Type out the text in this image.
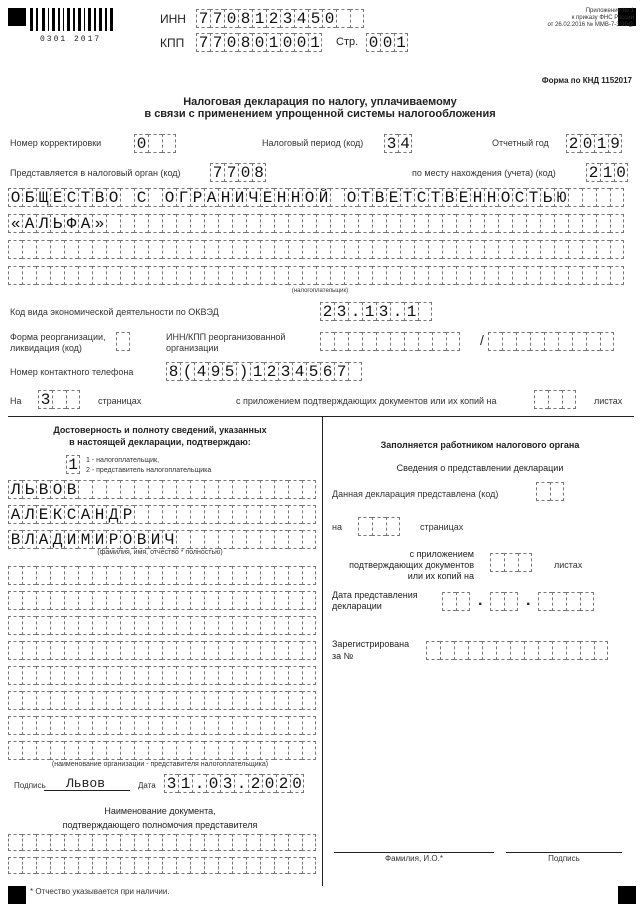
0301 2017
ИНН 7 7 0 8 1 2 3 4 5 0
КПП 7 7 0 8 0 1 0 0 1 Стр. 0 0 1
Приложение № 1
к приказу ФНС России
от 26.02.2016 № ММВ-7-3/99@
Форма по КНД 1152017
Налоговая декларация по налогу, уплачиваемому
в связи с применением упрощенной системы налогообложения
Номер корректировки 0	Налоговый период (код) 3 4	Отчетный год 2 0 1 9
Представляется в налоговый орган (код) 7 7 0 8	по месту нахождения (учета) (код) 2 1 0
О Б Щ Е С Т В О С О Г Р А Н И Ч Е Н Н О Й О Т В Е Т С Т В Е Н Н О С Т Ь Ю
« А Л Ь Ф А »
(налогоплательщик)
Код вида экономической деятельности по ОКВЭД	2 3 . 1 3 . 1
Форма реорганизации,
ликвидация (код)
ИНН/КПП реорганизованной
организации	/
Номер контактного телефона 8 ( 4 9 5 ) 1 2 3 4 5 6 7
На 3	страницах	с приложением подтверждающих документов или их копий на	листах
Достоверность и полноту сведений, указанных
в настоящей декларации, подтверждаю:
1	1 - налогоплательщик,
2 - представитель налогоплательщика
Л Ь В О В
А Л Е К С А Н Д Р
В Л А Д И М И Р О В И Ч
(фамилия, имя, отчество * полностью)
(наименование организации - представителя налогоплательщика)
Подпись Львов	Дата 3 1 . 0 3 . 2 0 2 0
Наименование документа,
подтверждающего полномочия представителя
* Отчество указывается при наличии.
Заполняется работником налогового органа
Сведения о представлении декларации
Данная декларация представлена (код)
на	страницах
с приложением
подтверждающих документов
или их копий на
листах
Дата представления
декларации	.	.
Зарегистрирована
за №
Фамилия, И.О.*	Подпись
